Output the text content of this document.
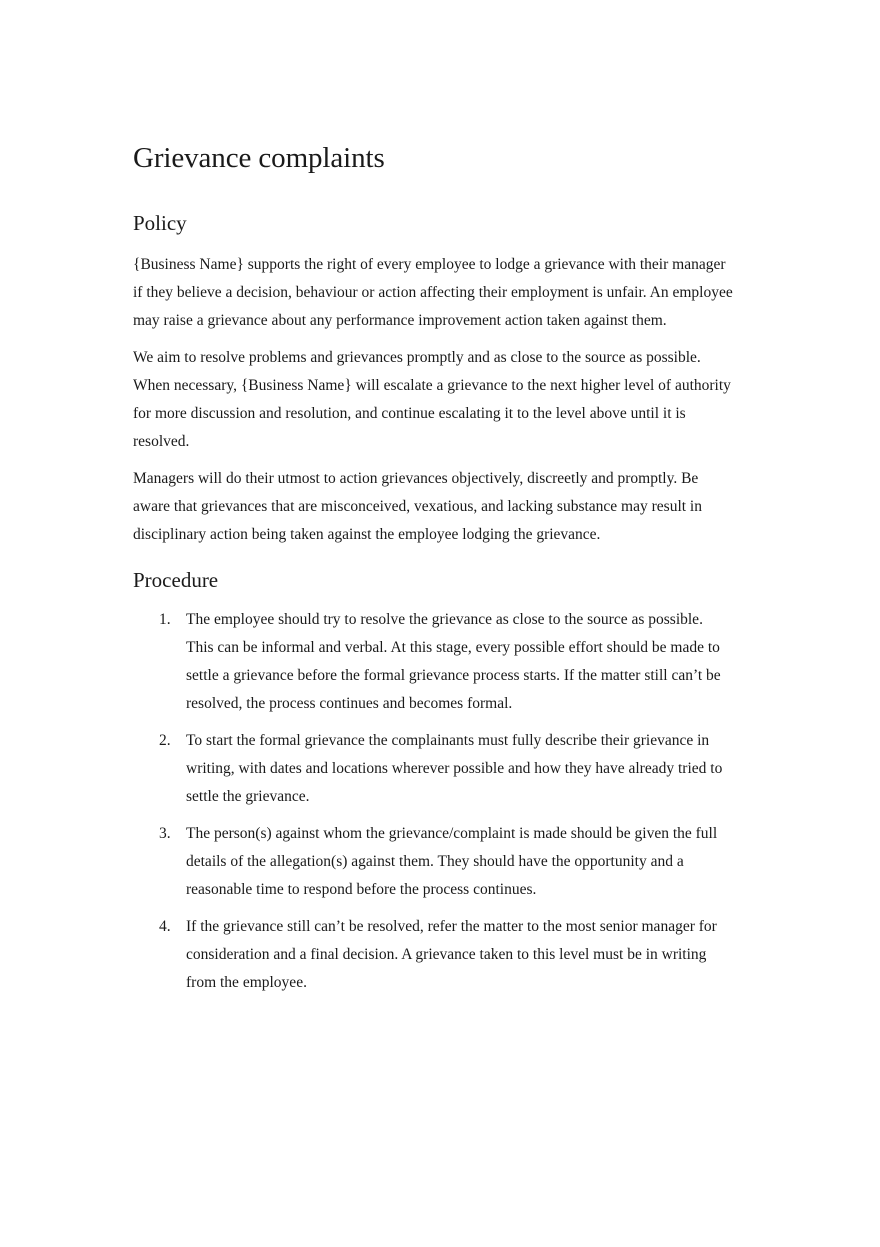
Grievance complaints
Policy

{Business Name} supports the right of every employee to lodge a grievance with their manager if they believe a decision, behaviour or action affecting their employment is unfair. An employee may raise a grievance about any performance improvement action taken against them.

We aim to resolve problems and grievances promptly and as close to the source as possible. When necessary, {Business Name} will escalate a grievance to the next higher level of authority for more discussion and resolution, and continue escalating it to the level above until it is resolved.

Managers will do their utmost to action grievances objectively, discreetly and promptly. Be aware that grievances that are misconceived, vexatious, and lacking substance may result in disciplinary action being taken against the employee lodging the grievance.

Procedure
1. The employee should try to resolve the grievance as close to the source as possible. This can be informal and verbal. At this stage, every possible effort should be made to settle a grievance before the formal grievance process starts. If the matter still can’t be resolved, the process continues and becomes formal.
2. To start the formal grievance the complainants must fully describe their grievance in writing, with dates and locations wherever possible and how they have already tried to settle the grievance.
3. The person(s) against whom the grievance/complaint is made should be given the full details of the allegation(s) against them. They should have the opportunity and a reasonable time to respond before the process continues.
4. If the grievance still can’t be resolved, refer the matter to the most senior manager for consideration and a final decision. A grievance taken to this level must be in writing from the employee.
